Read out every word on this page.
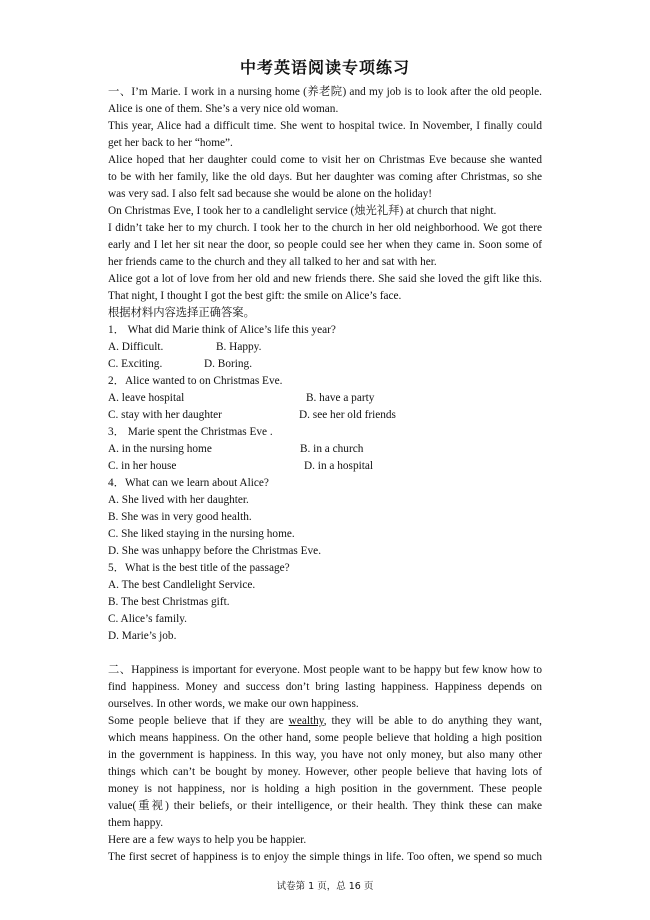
中考英语阅读专项练习
一、I’m Marie. I work in a nursing home (养老院) and my job is to look after the old people.
Alice is one of them. She’s a very nice old woman.
This year, Alice had a difficult time. She went to hospital twice. In November, I finally could
get her back to her “home”.
Alice hoped that her daughter could come to visit her on Christmas Eve because she wanted
to be with her family, like the old days. But her daughter was coming after Christmas, so she
was very sad. I also felt sad because she would be alone on the holiday!
On Christmas Eve, I took her to a candlelight service (烛光礼拜) at church that night.
I didn’t take her to my church. I took her to the church in her old neighborhood. We got there
early and I let her sit near the door, so people could see her when they came in. Soon some of
her friends came to the church and they all talked to her and sat with her.
Alice got a lot of love from her old and new friends there. She said she loved the gift like this.
That night, I thought I got the best gift: the smile on Alice’s face.
根据材料内容选择正确答案。
1． What did Marie think of Alice’s life this year?
A. Difficult.	B. Happy.
C. Exciting.	D. Boring.
2．Alice wanted to on Christmas Eve.
A. leave hospital	B. have a party
C. stay with her daughter	D. see her old friends
3． Marie spent the Christmas Eve .
A. in the nursing home	B. in a church
C. in her house	D. in a hospital
4．What can we learn about Alice?
A. She lived with her daughter.
B. She was in very good health.
C. She liked staying in the nursing home.
D. She was unhappy before the Christmas Eve.
5．What is the best title of the passage?
A. The best Candlelight Service.
B. The best Christmas gift.
C. Alice’s family.
D. Marie’s job.
二、Happiness is important for everyone. Most people want to be happy but few know how to
find happiness. Money and success don’t bring lasting happiness. Happiness depends on
ourselves. In other words, we make our own happiness.
Some people believe that if they are wealthy, they will be able to do anything they want,
which means happiness. On the other hand, some people believe that holding a high position
in the government is happiness. In this way, you have not only money, but also many other
things which can’t be bought by money. However, other people believe that having lots of
money is not happiness, nor is holding a high position in the government. These people
value(重视) their beliefs, or their intelligence, or their health. They think these can make
them happy.
Here are a few ways to help you be happier.
The first secret of happiness is to enjoy the simple things in life. Too often, we spend so much
试卷第 1 页，总 16 页
